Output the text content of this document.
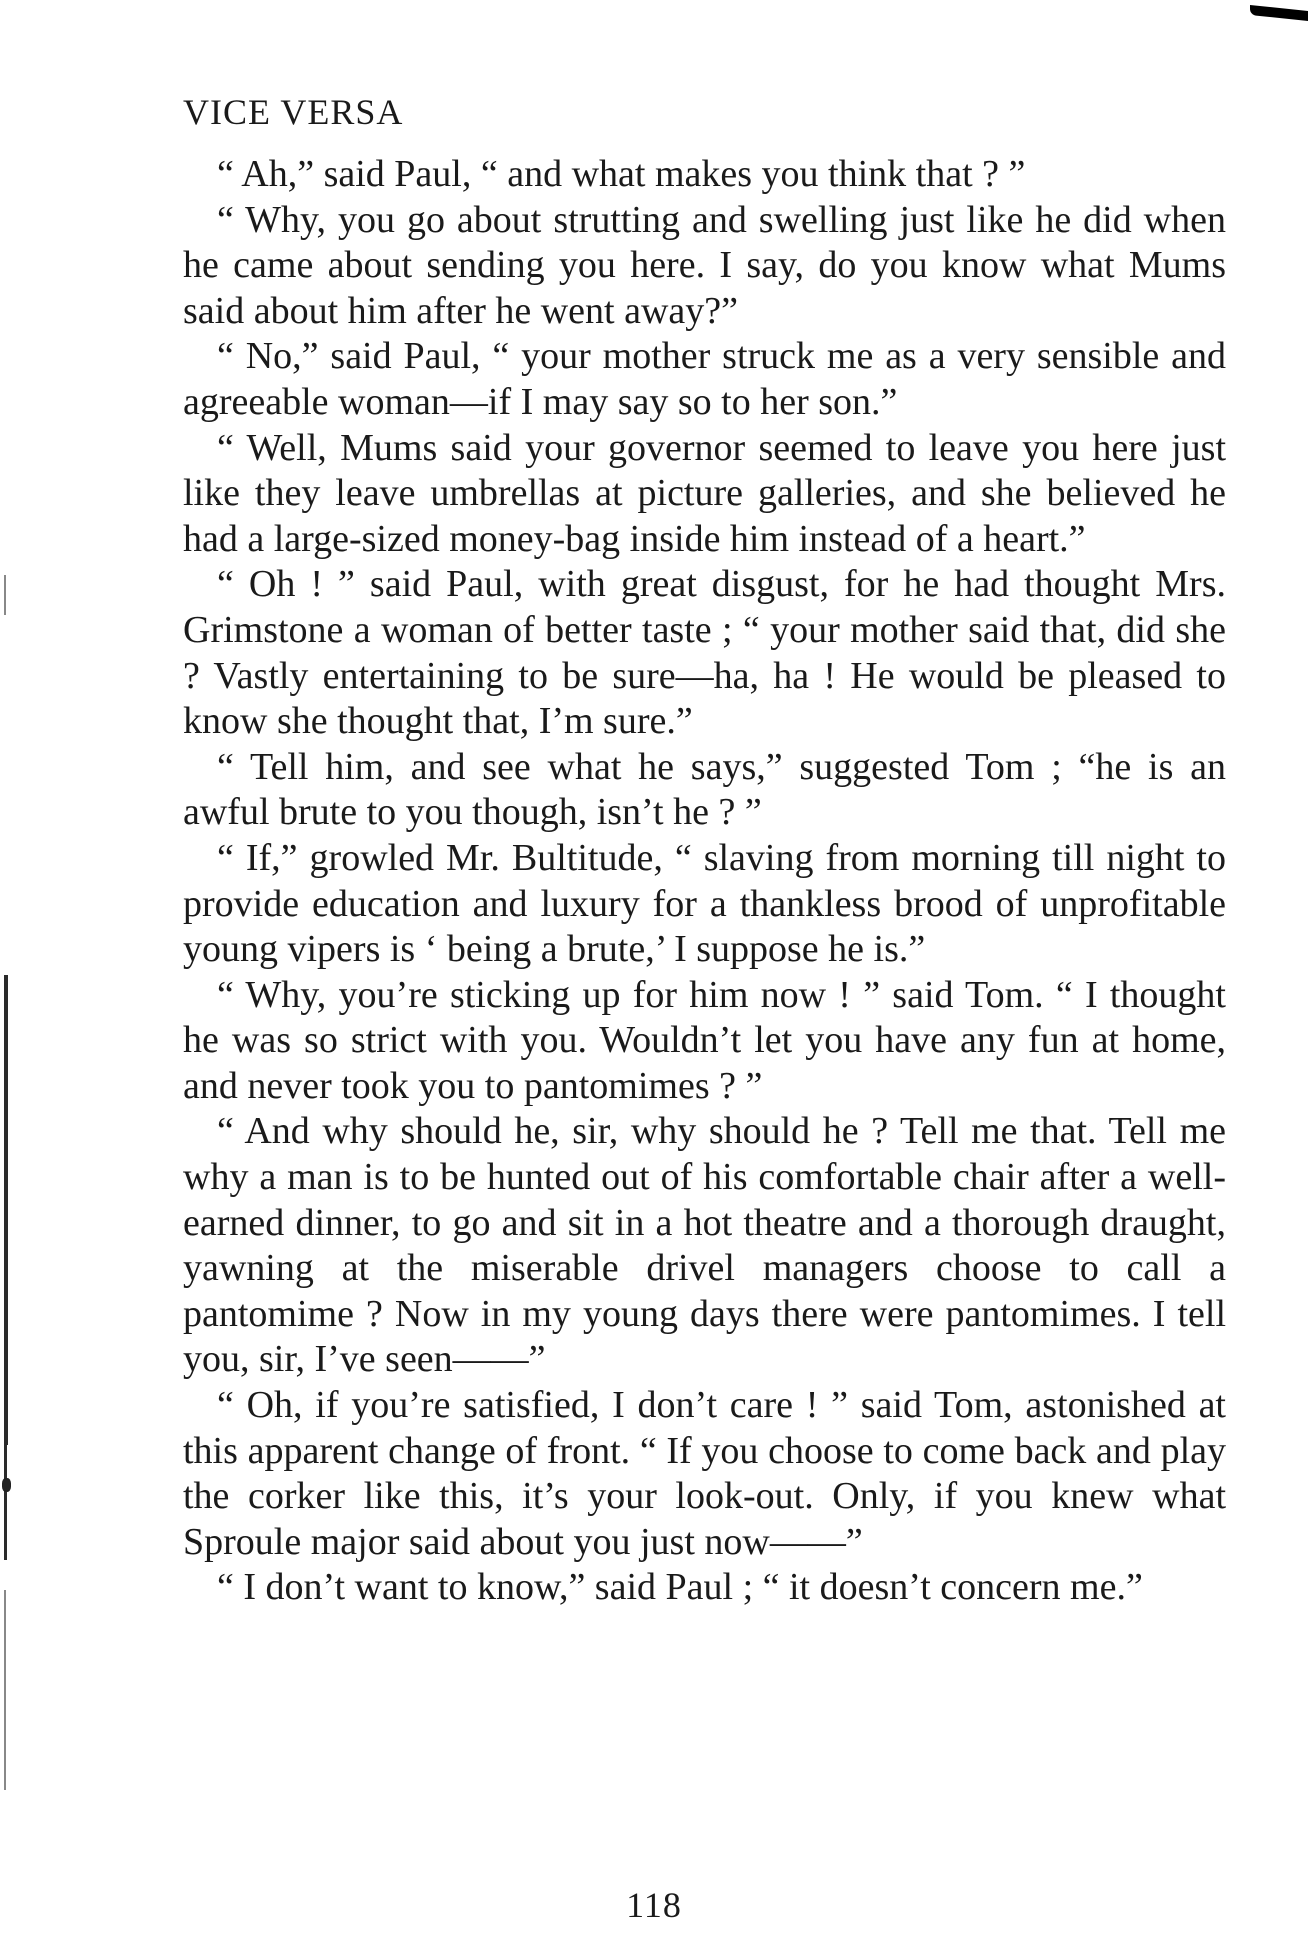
VICE VERSA

“ Ah,” said Paul, “ and what makes you think that ? ”

“ Why, you go about strutting and swelling just like he did when he came about sending you here. I say, do you know what Mums said about him after he went away?”

“ No,” said Paul, “ your mother struck me as a very sensible and agreeable woman—if I may say so to her son.”

“ Well, Mums said your governor seemed to leave you here just like they leave umbrellas at picture galleries, and she believed he had a large-sized money-bag inside him instead of a heart.”

“ Oh ! ” said Paul, with great disgust, for he had thought Mrs. Grimstone a woman of better taste ; “ your mother said that, did she ? Vastly entertaining to be sure—ha, ha ! He would be pleased to know she thought that, I’m sure.”

“ Tell him, and see what he says,” suggested Tom ; “he is an awful brute to you though, isn’t he ? ”

“ If,” growled Mr. Bultitude, “ slaving from morning till night to provide education and luxury for a thankless brood of unprofitable young vipers is ‘ being a brute,’ I suppose he is.”

“ Why, you’re sticking up for him now ! ” said Tom. “ I thought he was so strict with you. Wouldn’t let you have any fun at home, and never took you to pantomimes ? ”

“ And why should he, sir, why should he ? Tell me that. Tell me why a man is to be hunted out of his comfortable chair after a well-earned dinner, to go and sit in a hot theatre and a thorough draught, yawning at the miserable drivel managers choose to call a pantomime ? Now in my young days there were pantomimes. I tell you, sir, I’ve seen——”

“ Oh, if you’re satisfied, I don’t care ! ” said Tom, astonished at this apparent change of front. “ If you choose to come back and play the corker like this, it’s your look-out. Only, if you knew what Sproule major said about you just now——”

“ I don’t want to know,” said Paul ; “ it doesn’t concern me.”

118
